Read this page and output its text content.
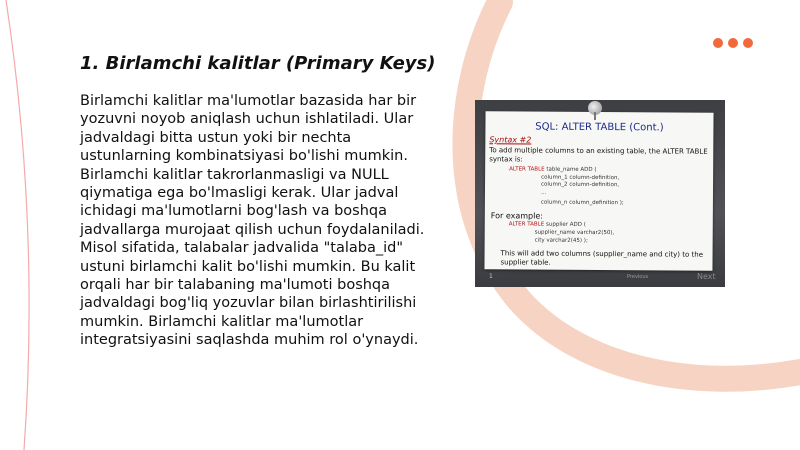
1. Birlamchi kalitlar (Primary Keys)
Birlamchi kalitlar ma'lumotlar bazasida har bir yozuvni noyob aniqlash uchun ishlatiladi. Ular jadvaldagi bitta ustun yoki bir nechta ustunlarning kombinatsiyasi bo'lishi mumkin. Birlamchi kalitlar takrorlanmasligi va NULL qiymatiga ega bo'lmasligi kerak. Ular jadval ichidagi ma'lumotlarni bog'lash va boshqa jadvallarga murojaat qilish uchun foydalaniladi. Misol sifatida, talabalar jadvalida "talaba_id" ustuni birlamchi kalit bo'lishi mumkin. Bu kalit orqali har bir talabaning ma'lumoti boshqa jadvaldagi bog'liq yozuvlar bilan birlashtirilishi mumkin. Birlamchi kalitlar ma'lumotlar integratsiyasini saqlashda muhim rol o'ynaydi.
SQL: ALTER TABLE (Cont.)
Syntax #2
To add multiple columns to an existing table, the ALTER TABLE syntax is:
ALTER TABLE table_name ADD (
column_1 column-definition,
column_2 column-definition,
...
column_n column_definition );
For example:
ALTER TABLE supplier ADD (
supplier_name varchar2(50),
city varchar2(45) );
This will add two columns (supplier_name and city) to the supplier table.
1	Previous	Next
